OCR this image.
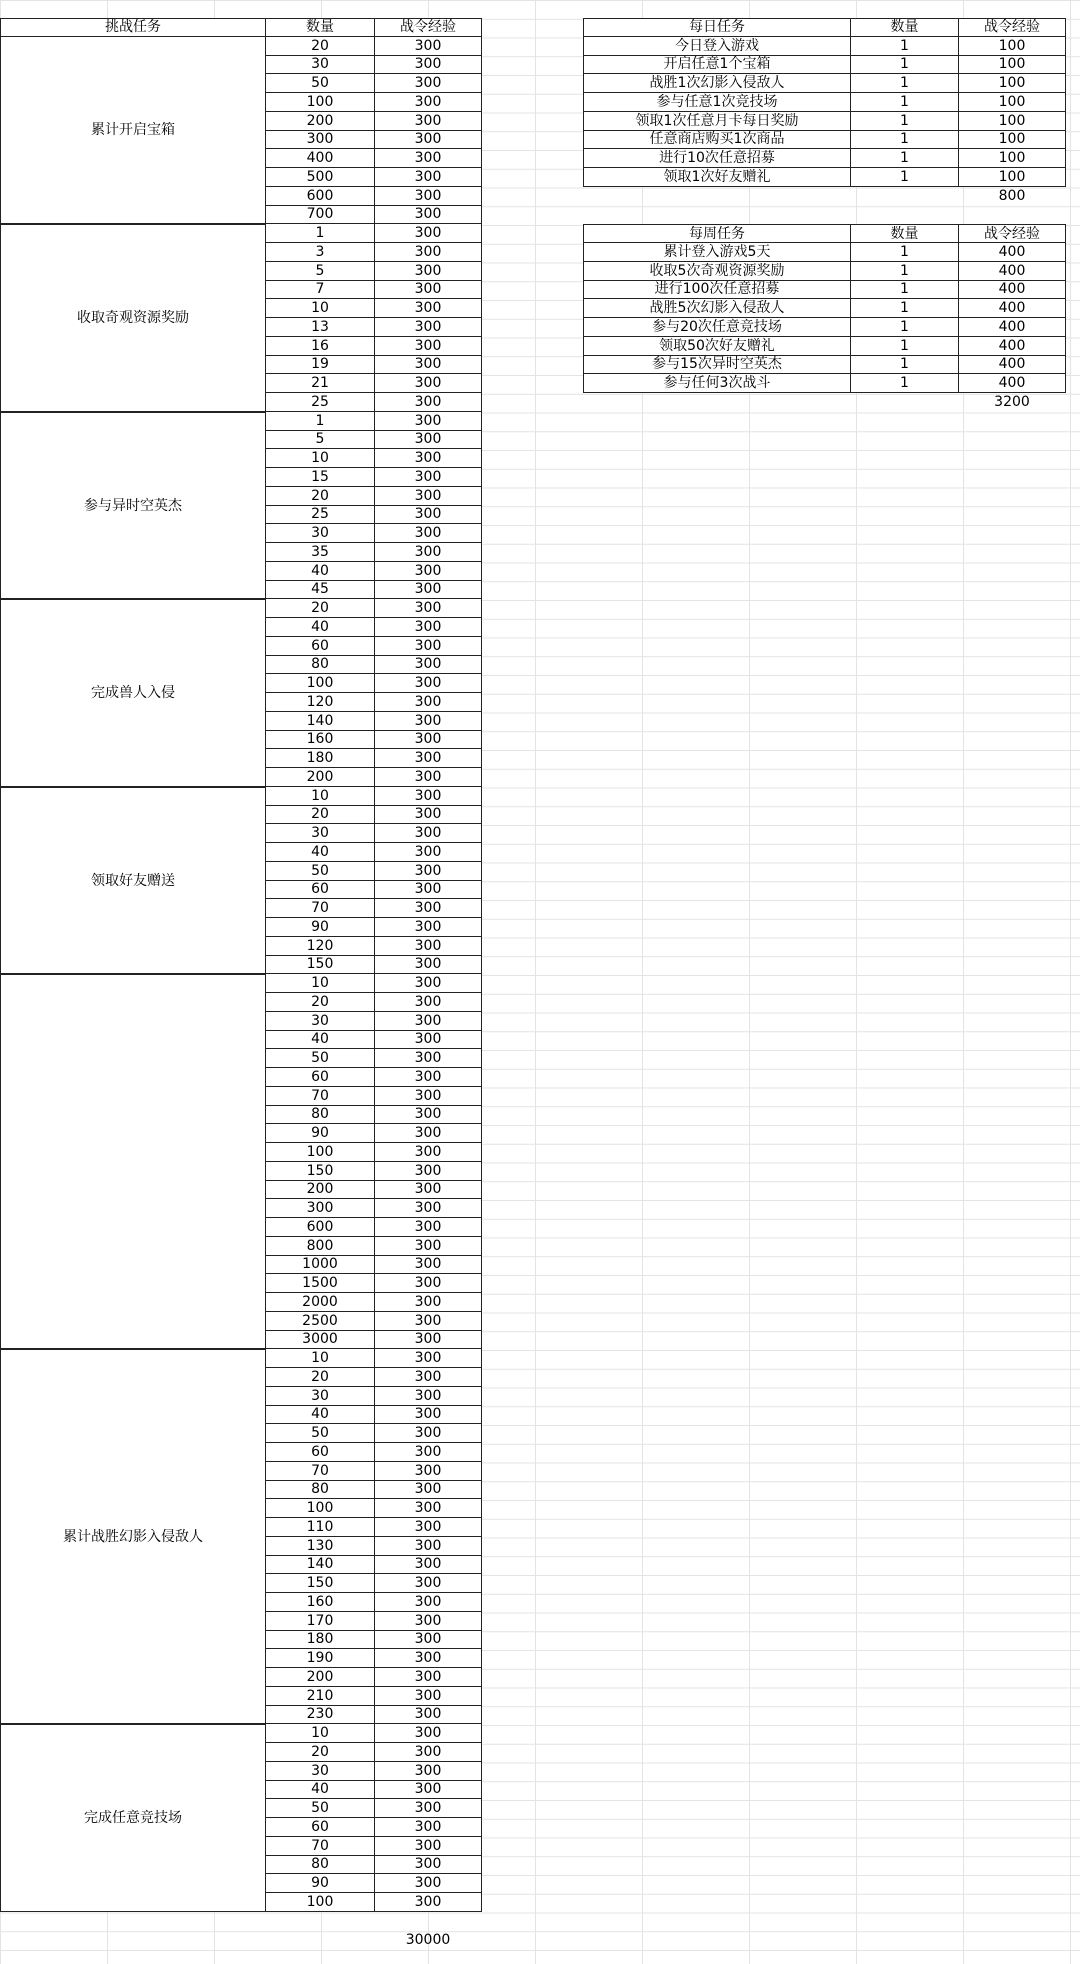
挑战任务	数量	战令经验
累计开启宝箱
20	300
30	300
50	300
100	300
200	300
300	300
400	300
500	300
600	300
700	300
收取奇观资源奖励
1	300
3	300
5	300
7	300
10	300
13	300
16	300
19	300
21	300
25	300
参与异时空英杰
1	300
5	300
10	300
15	300
20	300
25	300
30	300
35	300
40	300
45	300
完成兽人入侵
20	300
40	300
60	300
80	300
100	300
120	300
140	300
160	300
180	300
200	300
领取好友赠送
10	300
20	300
30	300
40	300
50	300
60	300
70	300
90	300
120	300
150	300
10	300
20	300
30	300
40	300
50	300
60	300
70	300
80	300
90	300
100	300
150	300
200	300
300	300
600	300
800	300
1000	300
1500	300
2000	300
2500	300
3000	300
累计战胜幻影入侵敌人
10	300
20	300
30	300
40	300
50	300
60	300
70	300
80	300
100	300
110	300
130	300
140	300
150	300
160	300
170	300
180	300
190	300
200	300
210	300
230	300
完成任意竞技场
10	300
20	300
30	300
40	300
50	300
60	300
70	300
80	300
90	300
100	300
30000
每日任务	数量	战令经验
今日登入游戏	1	100
开启任意1个宝箱	1	100
战胜1次幻影入侵敌人	1	100
参与任意1次竞技场	1	100
领取1次任意月卡每日奖励	1	100
任意商店购买1次商品	1	100
进行10次任意招募	1	100
领取1次好友赠礼	1	100
800
每周任务	数量	战令经验
累计登入游戏5天	1	400
收取5次奇观资源奖励	1	400
进行100次任意招募	1	400
战胜5次幻影入侵敌人	1	400
参与20次任意竞技场	1	400
领取50次好友赠礼	1	400
参与15次异时空英杰	1	400
参与任何3次战斗	1	400
3200
